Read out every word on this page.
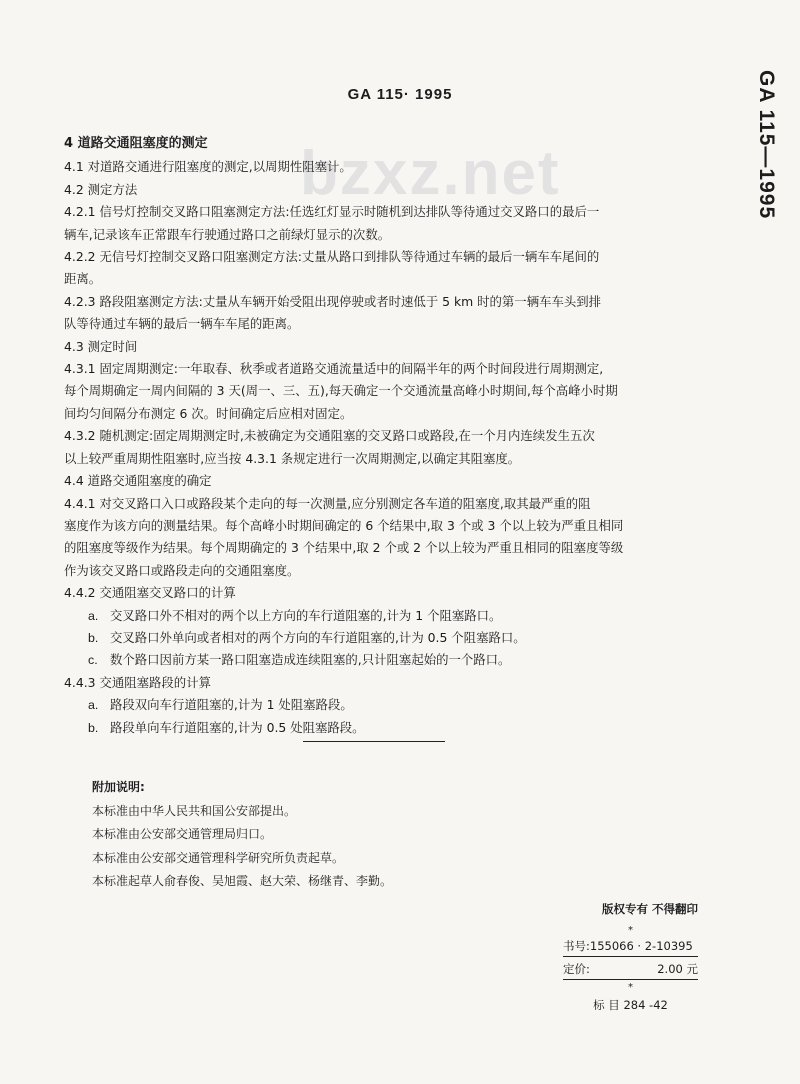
GA 115· 1995	GA 115—1995
bzxz.net
4 道路交通阻塞度的测定
4.1 对道路交通进行阻塞度的测定,以周期性阻塞计。
4.2 测定方法
4.2.1 信号灯控制交叉路口阻塞测定方法:任选红灯显示时随机到达排队等待通过交叉路口的最后一
辆车,记录该车正常跟车行驶通过路口之前绿灯显示的次数。
4.2.2 无信号灯控制交叉路口阻塞测定方法:丈量从路口到排队等待通过车辆的最后一辆车车尾间的
距离。
4.2.3 路段阻塞测定方法:丈量从车辆开始受阻出现停驶或者时速低于 5 km 时的第一辆车车头到排
队等待通过车辆的最后一辆车车尾的距离。
4.3 测定时间
4.3.1 固定周期测定:一年取春、秋季或者道路交通流量适中的间隔半年的两个时间段进行周期测定,
每个周期确定一周内间隔的 3 天(周一、三、五),每天确定一个交通流量高峰小时期间,每个高峰小时期
间均匀间隔分布测定 6 次。时间确定后应相对固定。
4.3.2 随机测定:固定周期测定时,未被确定为交通阻塞的交叉路口或路段,在一个月内连续发生五次
以上较严重周期性阻塞时,应当按 4.3.1 条规定进行一次周期测定,以确定其阻塞度。
4.4 道路交通阻塞度的确定
4.4.1 对交叉路口入口或路段某个走向的每一次测量,应分别测定各车道的阻塞度,取其最严重的阻
塞度作为该方向的测量结果。每个高峰小时期间确定的 6 个结果中,取 3 个或 3 个以上较为严重且相同
的阻塞度等级作为结果。每个周期确定的 3 个结果中,取 2 个或 2 个以上较为严重且相同的阻塞度等级
作为该交叉路口或路段走向的交通阻塞度。
4.4.2 交通阻塞交叉路口的计算
a. 交叉路口外不相对的两个以上方向的车行道阻塞的,计为 1 个阻塞路口。
b. 交叉路口外单向或者相对的两个方向的车行道阻塞的,计为 0.5 个阻塞路口。
c. 数个路口因前方某一路口阻塞造成连续阻塞的,只计阻塞起始的一个路口。
4.4.3 交通阻塞路段的计算
a. 路段双向车行道阻塞的,计为 1 处阻塞路段。
b. 路段单向车行道阻塞的,计为 0.5 处阻塞路段。
附加说明:
本标准由中华人民共和国公安部提出。
本标准由公安部交通管理局归口。
本标准由公安部交通管理科学研究所负责起草。
本标准起草人俞春俊、吴旭霞、赵大荣、杨继青、李勤。
版权专有 不得翻印
*
书号:155066 · 2-10395
定价:	2.00 元
*
标 目 284 -42
